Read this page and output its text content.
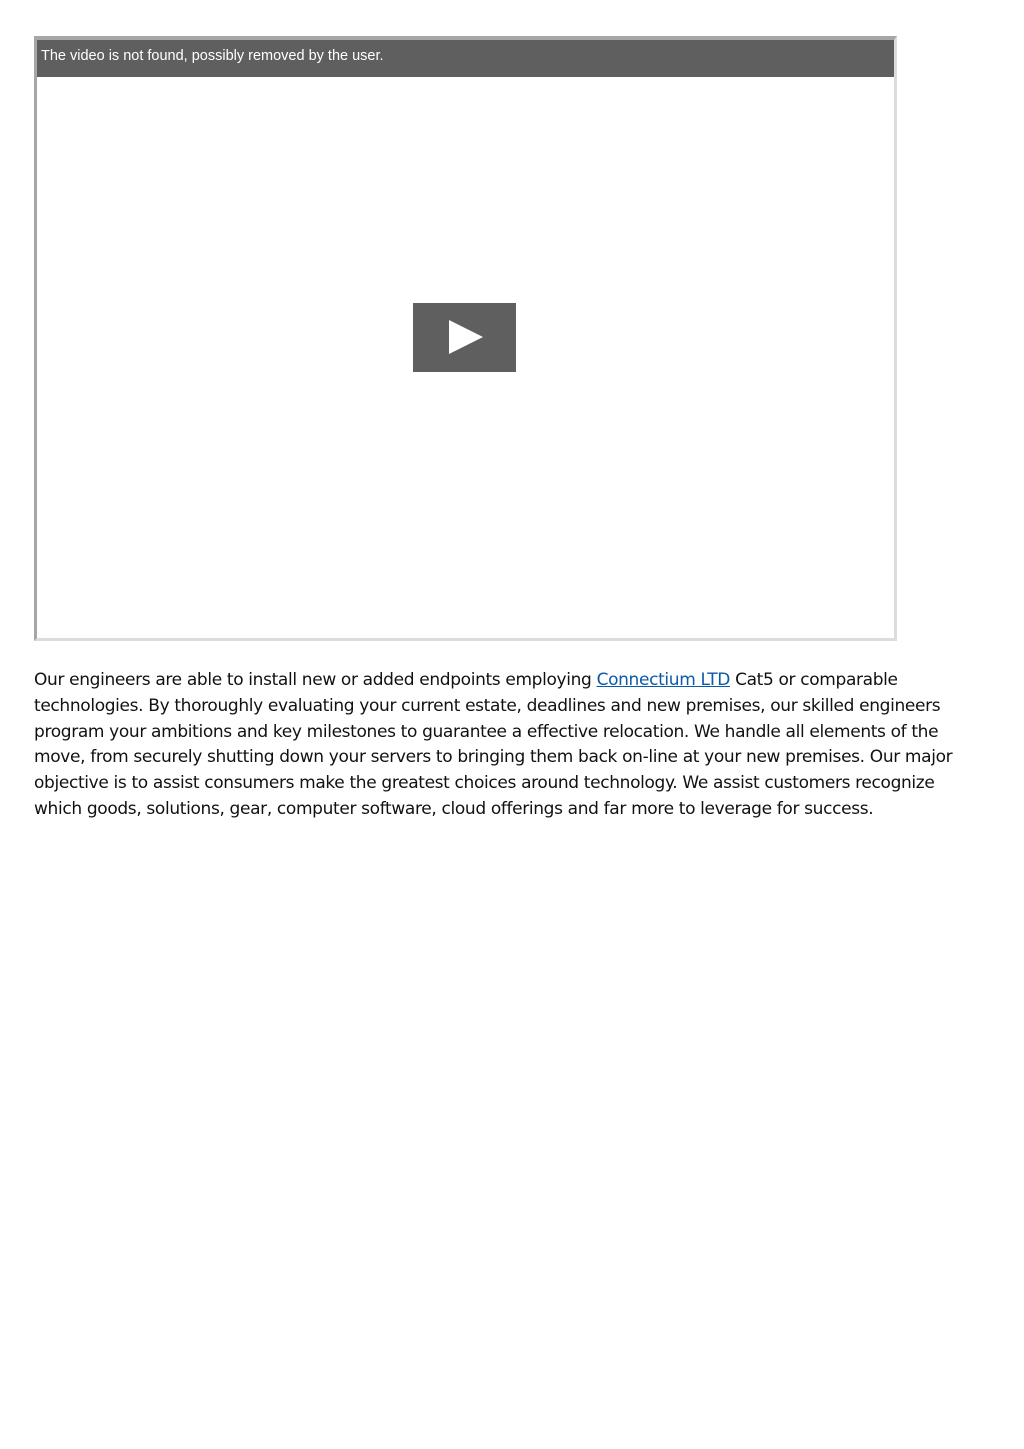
The video is not found, possibly removed by the user.

Our engineers are able to install new or added endpoints employing Connectium LTD Cat5 or comparable technologies. By thoroughly evaluating your current estate, deadlines and new premises, our skilled engineers program your ambitions and key milestones to guarantee a effective relocation. We handle all elements of the move, from securely shutting down your servers to bringing them back on-line at your new premises. Our major objective is to assist consumers make the greatest choices around technology. We assist customers recognize which goods, solutions, gear, computer software, cloud offerings and far more to leverage for success.
